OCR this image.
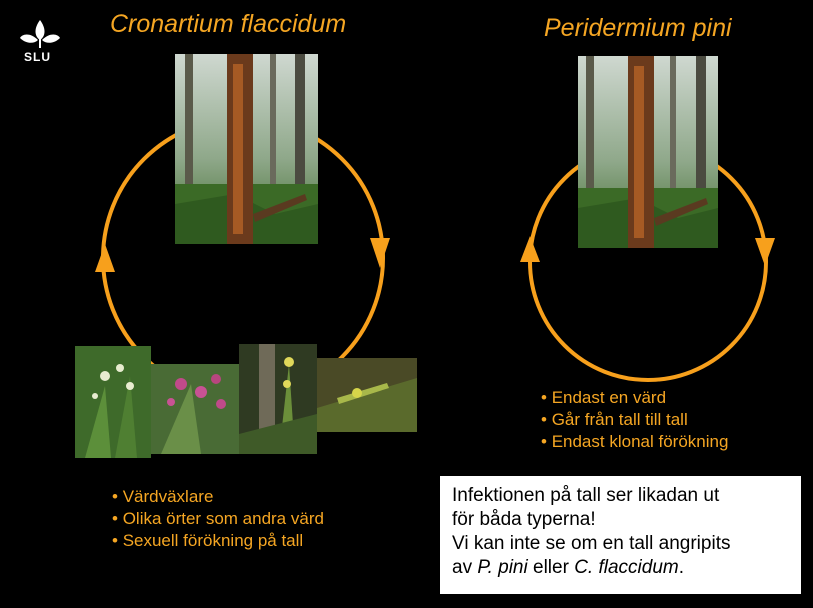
SLU
Cronartium flaccidum	Peridermium pini
• Värdväxlare
• Olika örter som andra värd
• Sexuell förökning på tall
• Endast en värd
• Går från tall till tall
• Endast klonal förökning
Infektionen på tall ser likadan ut
för båda typerna!
Vi kan inte se om en tall angripits
av P. pini eller C. flaccidum.
